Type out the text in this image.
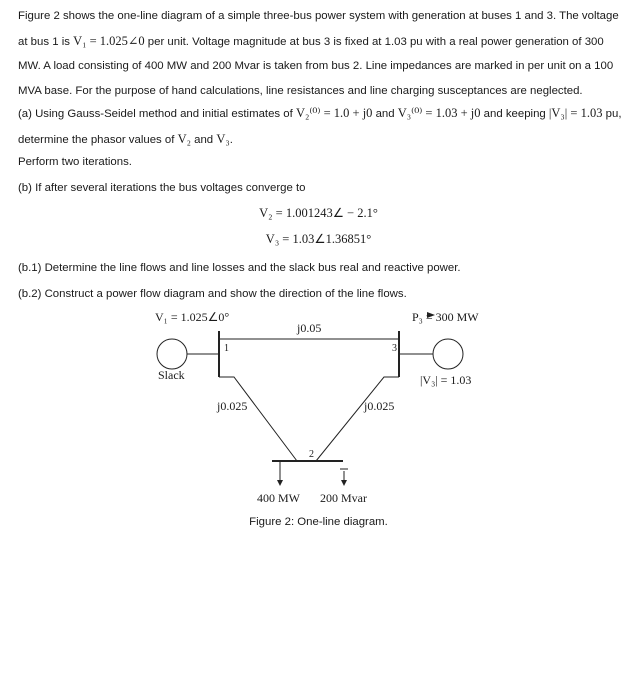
Figure 2 shows the one-line diagram of a simple three-bus power system with generation at buses 1 and 3. The voltage at bus 1 is V₁ = 1.025∠0 per unit. Voltage magnitude at bus 3 is fixed at 1.03 pu with a real power generation of 300 MW. A load consisting of 400 MW and 200 Mvar is taken from bus 2. Line impedances are marked in per unit on a 100 MVA base. For the purpose of hand calculations, line resistances and line charging susceptances are neglected.

(a) Using Gauss-Seidel method and initial estimates of V₂⁽⁰⁾ = 1.0 + j0 and V₃⁽⁰⁾ = 1.03 + j0 and keeping |V₃| = 1.03 pu, determine the phasor values of V₂ and V₃.

Perform two iterations.

(b) If after several iterations the bus voltages converge to

V₂ = 1.001243∠ − 2.1°
V₃ = 1.03∠1.36851°

(b.1) Determine the line flows and line losses and the slack bus real and reactive power.

(b.2) Construct a power flow diagram and show the direction of the line flows.

V₁ = 1.025∠0°	P₃ = 300 MW
j0.05
1	3
Slack	|V₃| = 1.03
j0.025	j0.025
2
400 MW 200 Mvar
Figure 2: One-line diagram.
